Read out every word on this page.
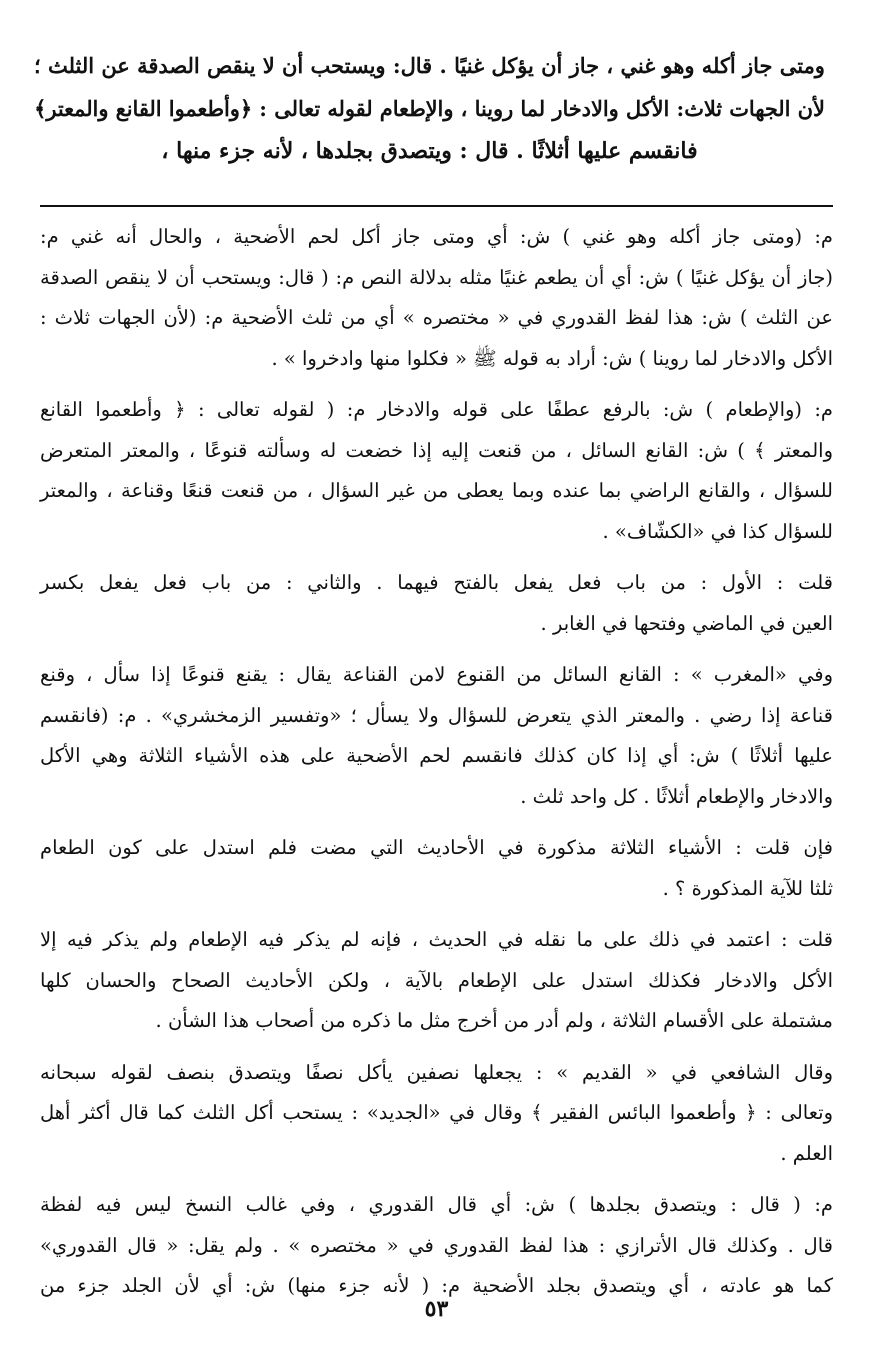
ومتى جاز أكله وهو غني ، جاز أن يؤكل غنيًا . قال: ويستحب أن لا ينقص الصدقة عن الثلث ؛
لأن الجهات ثلاث: الأكل والادخار لما روينا ، والإطعام لقوله تعالى : ﴿وأطعموا القانع والمعتر﴾
فانقسم عليها أثلاثًا . قال : ويتصدق بجلدها ، لأنه جزء منها ،
م: (ومتى جاز أكله وهو غني ) ش: أي ومتى جاز أكل لحم الأضحية ، والحال أنه غني م:
(جاز أن يؤكل غنيًا ) ش: أي أن يطعم غنيًا مثله بدلالة النص م: ( قال: ويستحب أن لا ينقص الصدقة
عن الثلث ) ش: هذا لفظ القدوري في « مختصره » أي من ثلث الأضحية م: (لأن الجهات ثلاث :
الأكل والادخار لما روينا ) ش: أراد به قوله ﷺ « فكلوا منها وادخروا » .
م: (والإطعام ) ش: بالرفع عطفًا على قوله والادخار م: ( لقوله تعالى : ﴿ وأطعموا القانع
والمعتر ﴾ ) ش: القانع السائل ، من قنعت إليه إذا خضعت له وسألته قنوعًا ، والمعتر المتعرض
للسؤال ، والقانع الراضي بما عنده وبما يعطى من غير السؤال ، من قنعت قنعًا وقناعة ، والمعتر
للسؤال كذا في «الكشّاف» .
قلت : الأول : من باب فعل يفعل بالفتح فيهما . والثاني : من باب فعل يفعل بكسر
العين في الماضي وفتحها في الغابر .
وفي «المغرب » : القانع السائل من القنوع لامن القناعة يقال : يقنع قنوعًا إذا سأل ، وقنع
قناعة إذا رضي . والمعتر الذي يتعرض للسؤال ولا يسأل ؛ «وتفسير الزمخشري» . م: (فانقسم
عليها أثلاثًا ) ش: أي إذا كان كذلك فانقسم لحم الأضحية على هذه الأشياء الثلاثة وهي الأكل
والادخار والإطعام أثلاثًا . كل واحد ثلث .
فإن قلت : الأشياء الثلاثة مذكورة في الأحاديث التي مضت فلم استدل على كون الطعام
ثلثا للآية المذكورة ؟ .
قلت : اعتمد في ذلك على ما نقله في الحديث ، فإنه لم يذكر فيه الإطعام ولم يذكر فيه إلا
الأكل والادخار فكذلك استدل على الإطعام بالآية ، ولكن الأحاديث الصحاح والحسان كلها
مشتملة على الأقسام الثلاثة ، ولم أدر من أخرج مثل ما ذكره من أصحاب هذا الشأن .
وقال الشافعي في « القديم » : يجعلها نصفين يأكل نصفًا ويتصدق بنصف لقوله سبحانه
وتعالى : ﴿ وأطعموا البائس الفقير ﴾ وقال في «الجديد» : يستحب أكل الثلث كما قال أكثر أهل
العلم .
م: ( قال : ويتصدق بجلدها ) ش: أي قال القدوري ، وفي غالب النسخ ليس فيه لفظة
قال . وكذلك قال الأترازي : هذا لفظ القدوري في « مختصره » . ولم يقل: « قال القدوري»
كما هو عادته ، أي ويتصدق بجلد الأضحية م: ( لأنه جزء منها) ش: أي لأن الجلد جزء من
٥٣
